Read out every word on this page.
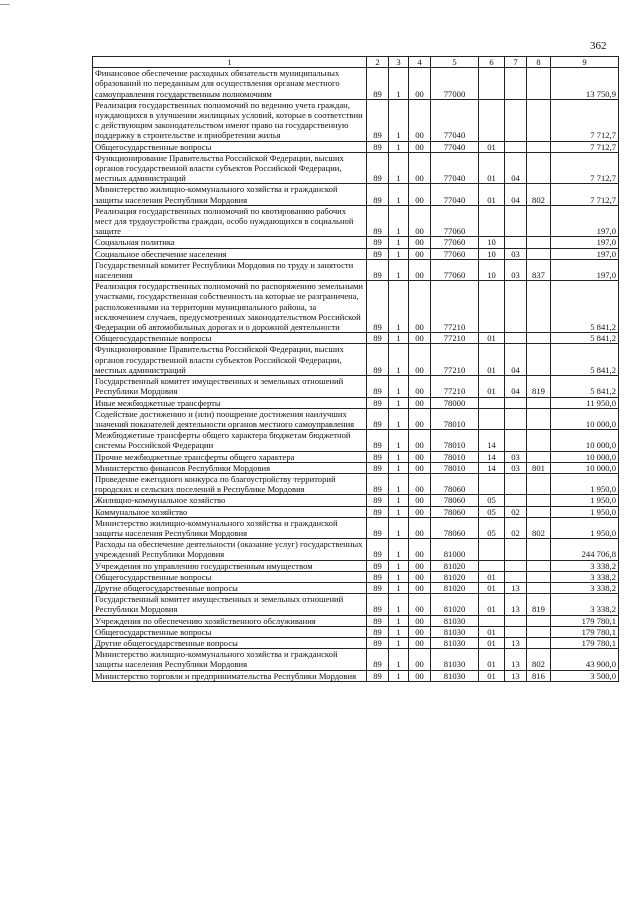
362
1	2	3	4	5	6	7	8	9
Финансовое обеспечение расходных обязательств муниципальных образований по переданным для осуществления органам местного самоуправления государственным полномочиям	89	1	00	77000				13 750,9
Реализация государственных полномочий по ведению учета граждан, нуждающихся в улучшении жилищных условий, которые в соответствии с действующим законодательством имеют право на государственную поддержку в строительстве и приобретении жилья	89	1	00	77040				7 712,7
Общегосударственные вопросы	89	1	00	77040	01			7 712,7
Функционирование Правительства Российской Федерации, высших органов государственной власти субъектов Российской Федерации, местных администраций	89	1	00	77040	01	04		7 712,7
Министерство жилищно-коммунального хозяйства и гражданской защиты населения Республики Мордовия	89	1	00	77040	01	04	802	7 712,7
Реализация государственных полномочий по квотированию рабочих мест для трудоустройства граждан, особо нуждающихся в социальной защите	89	1	00	77060				197,0
Социальная политика	89	1	00	77060	10			197,0
Социальное обеспечение населения	89	1	00	77060	10	03		197,0
Государственный комитет Республики Мордовия по труду и занятости населения	89	1	00	77060	10	03	837	197,0
Реализация государственных полномочий по распоряжению земельными участками, государственная собственность на которые не разграничена, расположенными на территории муниципального района, за исключением случаев, предусмотренных законодательством Российской Федерации об автомобильных дорогах и о дорожной деятельности	89	1	00	77210				5 841,2
Общегосударственные вопросы	89	1	00	77210	01			5 841,2
Функционирование Правительства Российской Федерации, высших органов государственной власти субъектов Российской Федерации, местных администраций	89	1	00	77210	01	04		5 841,2
Государственный комитет имущественных и земельных отношений Республики Мордовия	89	1	00	77210	01	04	819	5 841,2
Иные межбюджетные трансферты	89	1	00	78000				11 950,0
Содействие достижению и (или) поощрение достижения наилучших значений показателей деятельности органов местного самоуправления	89	1	00	78010				10 000,0
Межбюджетные трансферты общего характера бюджетам бюджетной системы Российской Федерации	89	1	00	78010	14			10 000,0
Прочие межбюджетные трансферты общего характера	89	1	00	78010	14	03		10 000,0
Министерство финансов Республики Мордовия	89	1	00	78010	14	03	801	10 000,0
Проведение ежегодного конкурса по благоустройству территорий городских и сельских поселений в Республике Мордовия	89	1	00	78060				1 950,0
Жилищно-коммунальное хозяйство	89	1	00	78060	05			1 950,0
Коммунальное хозяйство	89	1	00	78060	05	02		1 950,0
Министерство жилищно-коммунального хозяйства и гражданской защиты населения Республики Мордовия	89	1	00	78060	05	02	802	1 950,0
Расходы на обеспечение деятельности (оказание услуг) государственных учреждений Республики Мордовия	89	1	00	81000				244 706,8
Учреждения по управлению государственным имуществом	89	1	00	81020				3 338,2
Общегосударственные вопросы	89	1	00	81020	01			3 338,2
Другие общегосударственные вопросы	89	1	00	81020	01	13		3 338,2
Государственный комитет имущественных и земельных отношений Республики Мордовия	89	1	00	81020	01	13	819	3 338,2
Учреждения по обеспечению хозяйственного обслуживания	89	1	00	81030				179 780,1
Общегосударственные вопросы	89	1	00	81030	01			179 780,1
Другие общегосударственные вопросы	89	1	00	81030	01	13		179 780,1
Министерство жилищно-коммунального хозяйства и гражданской защиты населения Республики Мордовия	89	1	00	81030	01	13	802	43 900,0
Министерство торговли и предпринимательства Республики Мордовия	89	1	00	81030	01	13	816	3 500,0
